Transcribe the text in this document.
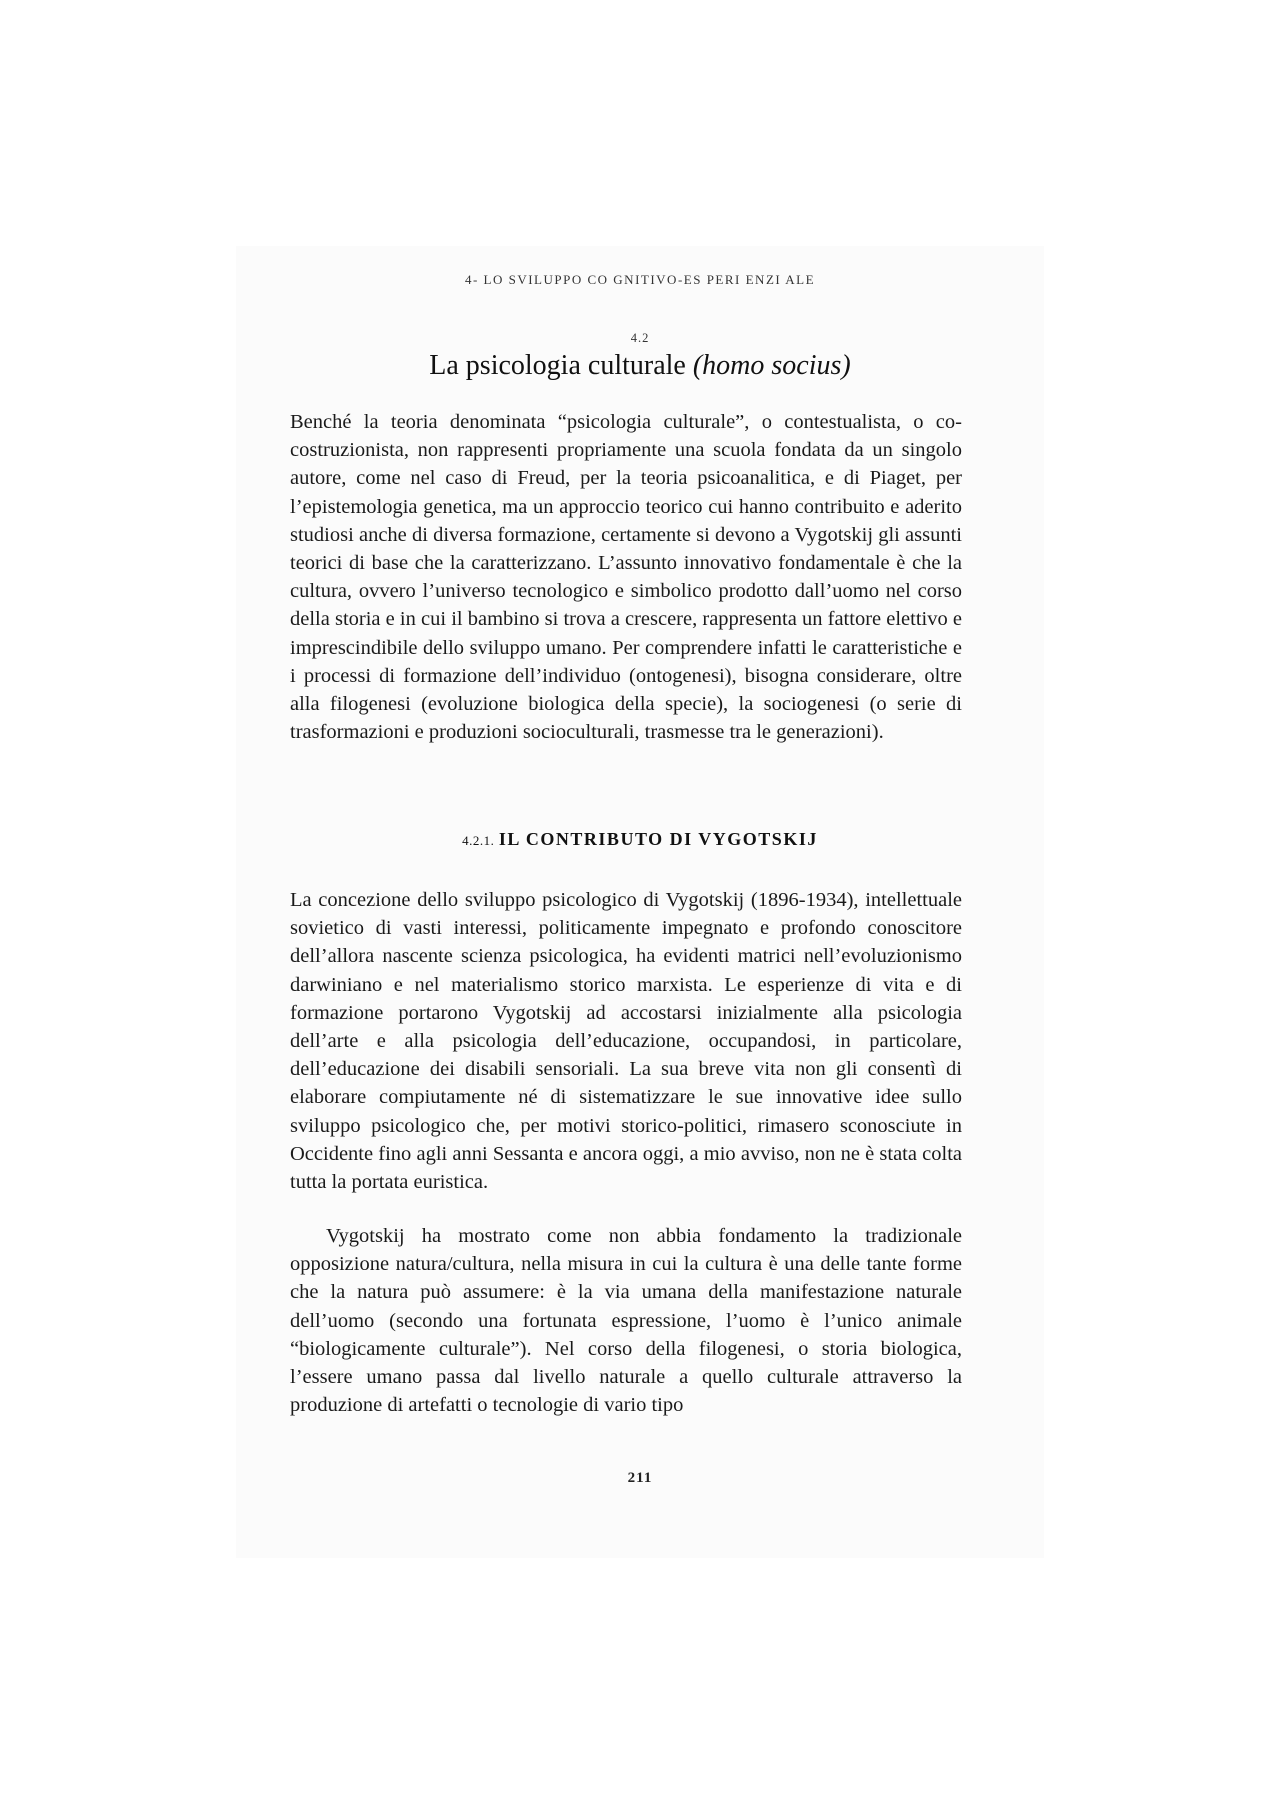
4- LO SVILUPPO CO GNITIVO-ES PERI ENZI ALE
4.2
La psicologia culturale (homo socius)

Benché la teoria denominata “psicologia culturale”, o contestualista, o co-costruzionista, non rappresenti propriamente una scuola fondata da un singolo autore, come nel caso di Freud, per la teoria psicoanalitica, e di Piaget, per l’epistemologia genetica, ma un approccio teorico cui hanno contribuito e aderito studiosi anche di diversa formazione, certamente si devono a Vygotskij gli assunti teorici di base che la caratterizzano. L’assunto innovativo fondamentale è che la cultura, ovvero l’universo tecnologico e simbolico prodotto dall’uomo nel corso della storia e in cui il bambino si trova a crescere, rappresenta un fattore elettivo e imprescindibile dello sviluppo umano. Per comprendere infatti le caratteristiche e i processi di formazione dell’individuo (ontogenesi), bisogna considerare, oltre alla filogenesi (evoluzione biologica della specie), la sociogenesi (o serie di trasformazioni e produzioni socioculturali, trasmesse tra le generazioni).

4.2.1. IL CONTRIBUTO DI VYGOTSKIJ

La concezione dello sviluppo psicologico di Vygotskij (1896-1934), intellettuale sovietico di vasti interessi, politicamente impegnato e profondo conoscitore dell’allora nascente scienza psicologica, ha evidenti matrici nell’evoluzionismo darwiniano e nel materialismo storico marxista. Le esperienze di vita e di formazione portarono Vygotskij ad accostarsi inizialmente alla psicologia dell’arte e alla psicologia dell’educazione, occupandosi, in particolare, dell’educazione dei disabili sensoriali. La sua breve vita non gli consentì di elaborare compiutamente né di sistematizzare le sue innovative idee sullo sviluppo psicologico che, per motivi storico-politici, rimasero sconosciute in Occidente fino agli anni Sessanta e ancora oggi, a mio avviso, non ne è stata colta tutta la portata euristica.

Vygotskij ha mostrato come non abbia fondamento la tradizionale opposizione natura/cultura, nella misura in cui la cultura è una delle tante forme che la natura può assumere: è la via umana della manifestazione naturale dell’uomo (secondo una fortunata espressione, l’uomo è l’unico animale “biologicamente culturale”). Nel corso della filogenesi, o storia biologica, l’essere umano passa dal livello naturale a quello culturale attraverso la produzione di artefatti o tecnologie di vario tipo

211
